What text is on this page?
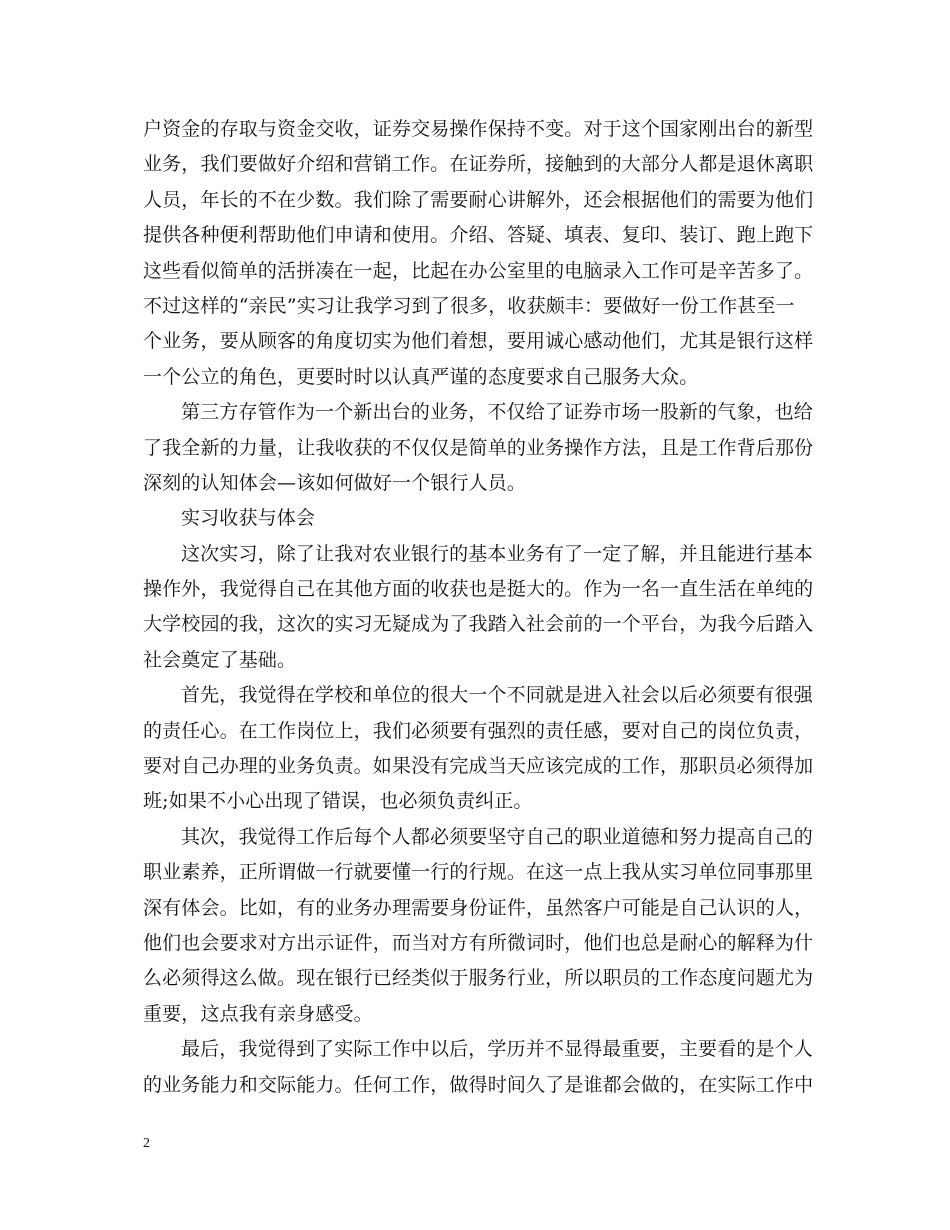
户资金的存取与资金交收，证券交易操作保持不变。对于这个国家刚出台的新型
业务，我们要做好介绍和营销工作。在证券所，接触到的大部分人都是退休离职
人员，年长的不在少数。我们除了需要耐心讲解外，还会根据他们的需要为他们
提供各种便利帮助他们申请和使用。介绍、答疑、填表、复印、装订、跑上跑下
这些看似简单的活拼凑在一起，比起在办公室里的电脑录入工作可是辛苦多了。
不过这样的“亲民”实习让我学习到了很多，收获颇丰：要做好一份工作甚至一
个业务，要从顾客的角度切实为他们着想，要用诚心感动他们，尤其是银行这样
一个公立的角色，更要时时以认真严谨的态度要求自己服务大众。
第三方存管作为一个新出台的业务，不仅给了证券市场一股新的气象，也给
了我全新的力量，让我收获的不仅仅是简单的业务操作方法，且是工作背后那份
深刻的认知体会—该如何做好一个银行人员。
实习收获与体会
这次实习，除了让我对农业银行的基本业务有了一定了解，并且能进行基本
操作外，我觉得自己在其他方面的收获也是挺大的。作为一名一直生活在单纯的
大学校园的我，这次的实习无疑成为了我踏入社会前的一个平台，为我今后踏入
社会奠定了基础。
首先，我觉得在学校和单位的很大一个不同就是进入社会以后必须要有很强
的责任心。在工作岗位上，我们必须要有强烈的责任感，要对自己的岗位负责，
要对自己办理的业务负责。如果没有完成当天应该完成的工作，那职员必须得加
班;如果不小心出现了错误，也必须负责纠正。
其次，我觉得工作后每个人都必须要坚守自己的职业道德和努力提高自己的
职业素养，正所谓做一行就要懂一行的行规。在这一点上我从实习单位同事那里
深有体会。比如，有的业务办理需要身份证件，虽然客户可能是自己认识的人，
他们也会要求对方出示证件，而当对方有所微词时，他们也总是耐心的解释为什
么必须得这么做。现在银行已经类似于服务行业，所以职员的工作态度问题尤为
重要，这点我有亲身感受。
最后，我觉得到了实际工作中以后，学历并不显得最重要，主要看的是个人
的业务能力和交际能力。任何工作，做得时间久了是谁都会做的，在实际工作中
2
